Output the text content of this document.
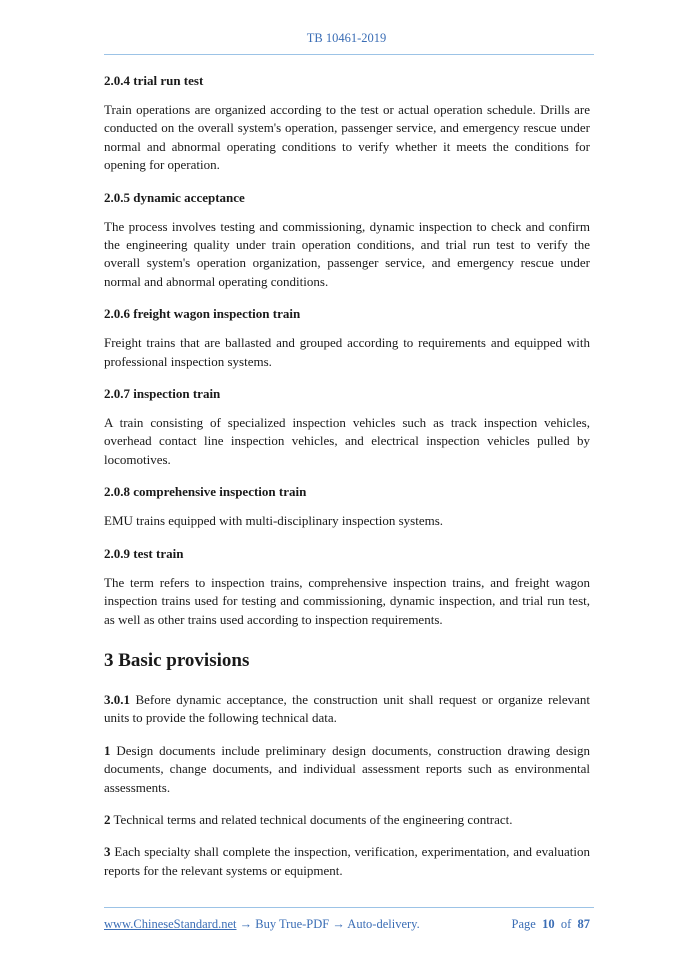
TB 10461-2019
2.0.4 trial run test

Train operations are organized according to the test or actual operation schedule. Drills are conducted on the overall system's operation, passenger service, and emergency rescue under normal and abnormal operating conditions to verify whether it meets the conditions for opening for operation.

2.0.5 dynamic acceptance

The process involves testing and commissioning, dynamic inspection to check and confirm the engineering quality under train operation conditions, and trial run test to verify the overall system's operation organization, passenger service, and emergency rescue under normal and abnormal operating conditions.

2.0.6 freight wagon inspection train

Freight trains that are ballasted and grouped according to requirements and equipped with professional inspection systems.

2.0.7 inspection train

A train consisting of specialized inspection vehicles such as track inspection vehicles, overhead contact line inspection vehicles, and electrical inspection vehicles pulled by locomotives.

2.0.8 comprehensive inspection train

EMU trains equipped with multi-disciplinary inspection systems.

2.0.9 test train

The term refers to inspection trains, comprehensive inspection trains, and freight wagon inspection trains used for testing and commissioning, dynamic inspection, and trial run test, as well as other trains used according to inspection requirements.

3 Basic provisions

3.0.1 Before dynamic acceptance, the construction unit shall request or organize relevant units to provide the following technical data.

1 Design documents include preliminary design documents, construction drawing design documents, change documents, and individual assessment reports such as environmental assessments.

2 Technical terms and related technical documents of the engineering contract.

3 Each specialty shall complete the inspection, verification, experimentation, and evaluation reports for the relevant systems or equipment.

www.ChineseStandard.net → Buy True-PDF → Auto-delivery.	Page 10 of 87
